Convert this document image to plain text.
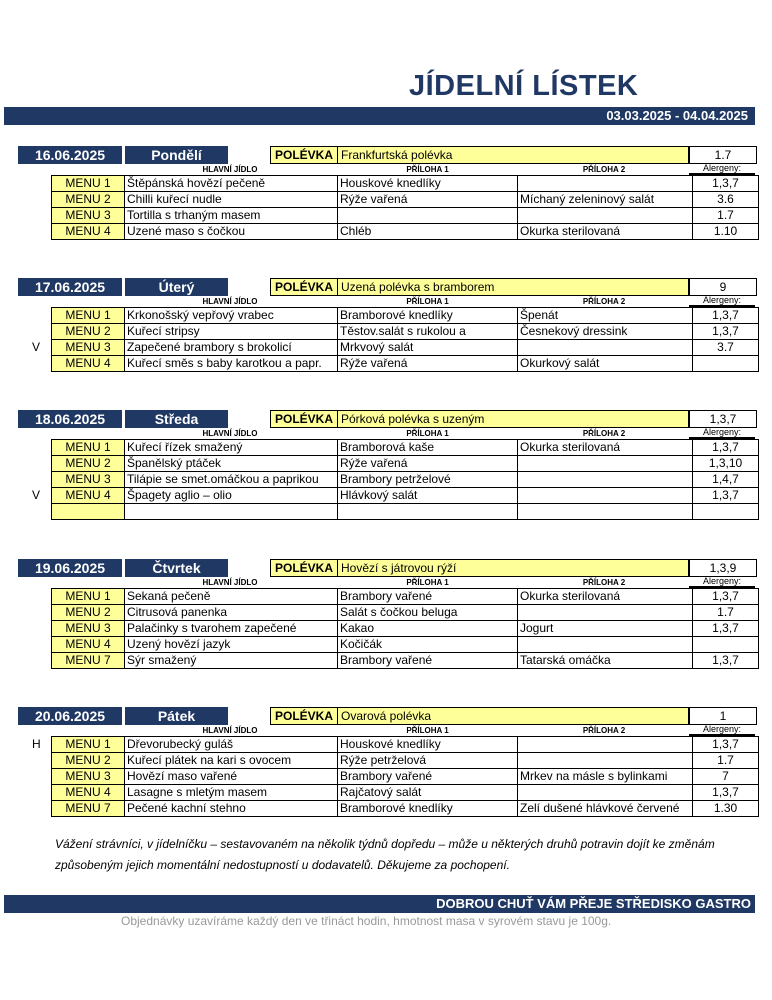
JÍDELNÍ LÍSTEK
03.03.2025 - 04.04.2025
16.06.2025	Pondělí	POLÉVKA Frankfurtská polévka	1.7
HLAVNÍ JÍDLO	PŘÍLOHA 1	PŘÍLOHA 2	Alergeny:
MENU 1	Štěpánská hovězí pečeně	Houskové knedlíky		1,3,7
MENU 2	Chilli kuřecí nudle	Rýže vařená	Míchaný zeleninový salát	3.6
MENU 3	Tortilla s trhaným masem			1.7
MENU 4	Uzené maso s čočkou	Chléb	Okurka sterilovaná	1.10
17.06.2025	Úterý	POLÉVKA Uzená polévka s bramborem	9
HLAVNÍ JÍDLO	PŘÍLOHA 1	PŘÍLOHA 2	Alergeny:
V
MENU 1	Krkonošský vepřový vrabec	Bramborové knedlíky	Špenát	1,3,7
MENU 2	Kuřecí stripsy	Těstov.salát s rukolou a	Česnekový dressink	1,3,7
MENU 3	Zapečené brambory s brokolicí	Mrkvový salát		3.7
MENU 4	Kuřecí směs s baby karotkou a papr.	Rýže vařená	Okurkový salát	
18.06.2025	Středa	POLÉVKA Pórková polévka s uzeným	1,3,7
HLAVNÍ JÍDLO	PŘÍLOHA 1	PŘÍLOHA 2	Alergeny:
V
MENU 1	Kuřecí řízek smažený	Bramborová kaše	Okurka sterilovaná	1,3,7
MENU 2	Španělský ptáček	Rýže vařená		1,3,10
MENU 3	Tilápie se smet.omáčkou a paprikou	Brambory petrželové		1,4,7
MENU 4	Špagety aglio – olio	Hlávkový salát		1,3,7

19.06.2025	Čtvrtek	POLÉVKA Hovězí s játrovou rýží	1,3,9
HLAVNÍ JÍDLO	PŘÍLOHA 1	PŘÍLOHA 2	Alergeny:
MENU 1	Sekaná pečeně	Brambory vařené	Okurka sterilovaná	1,3,7
MENU 2	Citrusová panenka	Salát s čočkou beluga		1.7
MENU 3	Palačinky s tvarohem zapečené	Kakao	Jogurt	1,3,7
MENU 4	Uzený hovězí jazyk	Kočičák		
MENU 7	Sýr smažený	Brambory vařené	Tatarská omáčka	1,3,7
20.06.2025	Pátek	POLÉVKA Ovarová polévka	1
HLAVNÍ JÍDLO	PŘÍLOHA 1	PŘÍLOHA 2	Alergeny:
H MENU 1	Dřevorubecký guláš	Houskové knedlíky		1,3,7
MENU 2	Kuřecí plátek na kari s ovocem	Rýže petrželová		1.7
MENU 3	Hovězí maso vařené	Brambory vařené	Mrkev na másle s bylinkami	7
MENU 4	Lasagne s mletým masem	Rajčatový salát		1,3,7
MENU 7	Pečené kachní stehno	Bramborové knedlíky	Zelí dušené hlávkové červené	1.30
Vážení strávníci, v jídelníčku – sestavovaném na několik týdnů dopředu – může u některých druhů potravin dojít ke změnám způsobeným jejich momentální nedostupností u dodavatelů. Děkujeme za pochopení.
DOBROU CHUŤ VÁM PŘEJE STŘEDISKO GASTRO
Objednávky uzavíráme každý den ve třináct hodin, hmotnost masa v syrovém stavu je 100g.
